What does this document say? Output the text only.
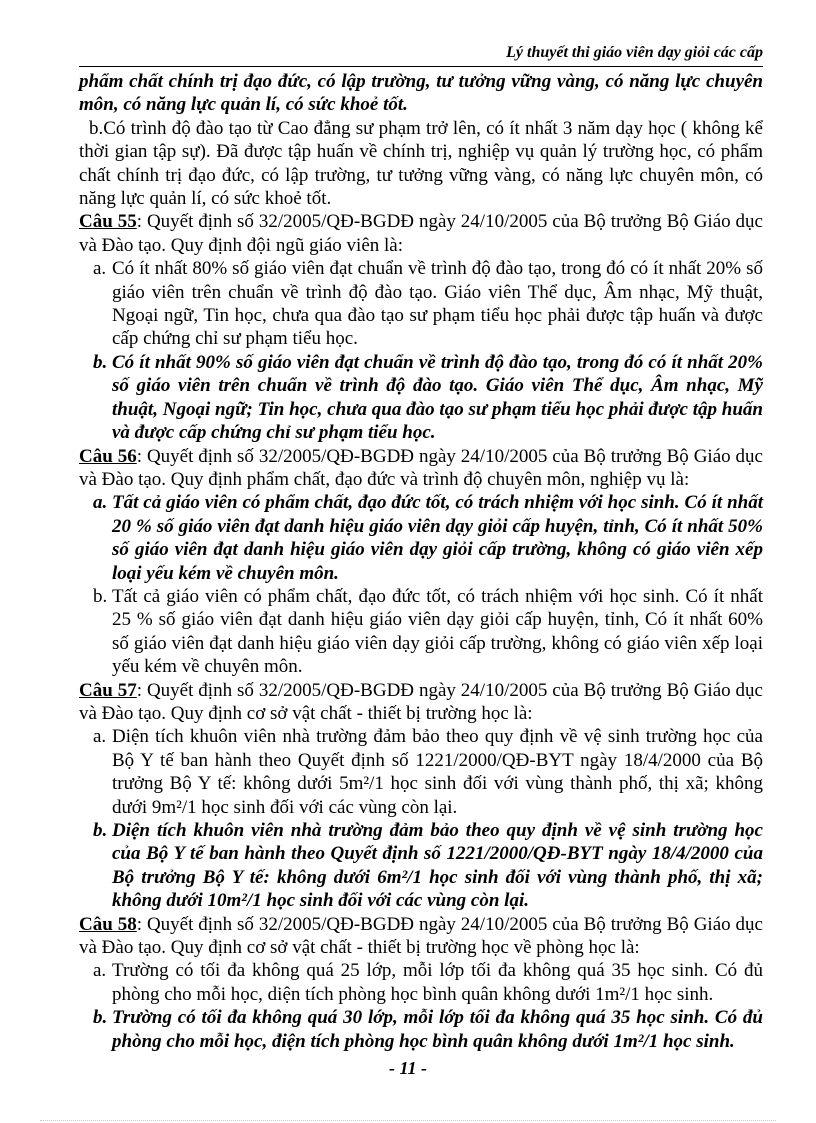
Lý thuyết thi giáo viên dạy giỏi các cấp

phẩm chất chính trị đạo đức, có lập trường, tư tưởng vững vàng, có năng lực chuyên môn, có năng lực quản lí, có sức khoẻ tốt.

b.Có trình độ đào tạo từ Cao đẳng sư phạm trở lên, có ít nhất 3 năm dạy học ( không kể thời gian tập sự). Đã được tập huấn về chính trị, nghiệp vụ quản lý trường học, có phẩm chất chính trị đạo đức, có lập trường, tư tưởng vững vàng, có năng lực chuyên môn, có năng lực quản lí, có sức khoẻ tốt.

Câu 55: Quyết định số 32/2005/QĐ-BGDĐ ngày 24/10/2005 của Bộ trưởng Bộ Giáo dục và Đào tạo. Quy định đội ngũ giáo viên là:

a. Có ít nhất 80% số giáo viên đạt chuẩn về trình độ đào tạo, trong đó có ít nhất 20% số giáo viên trên chuẩn về trình độ đào tạo. Giáo viên Thể dục, Âm nhạc, Mỹ thuật, Ngoại ngữ, Tin học, chưa qua đào tạo sư phạm tiểu học phải được tập huấn và được cấp chứng chỉ sư phạm tiểu học.
b. Có ít nhất 90% số giáo viên đạt chuẩn về trình độ đào tạo, trong đó có ít nhất 20% số giáo viên trên chuẩn về trình độ đào tạo. Giáo viên Thể dục, Âm nhạc, Mỹ thuật, Ngoại ngữ; Tin học, chưa qua đào tạo sư phạm tiểu học phải được tập huấn và được cấp chứng chỉ sư phạm tiểu học.

Câu 56: Quyết định số 32/2005/QĐ-BGDĐ ngày 24/10/2005 của Bộ trưởng Bộ Giáo dục và Đào tạo. Quy định phẩm chất, đạo đức và trình độ chuyên môn, nghiệp vụ là:

a. Tất cả giáo viên có phẩm chất, đạo đức tốt, có trách nhiệm với học sinh. Có ít nhất 20 % số giáo viên đạt danh hiệu giáo viên dạy giỏi cấp huyện, tỉnh, Có ít nhất 50% số giáo viên đạt danh hiệu giáo viên dạy giỏi cấp trường, không có giáo viên xếp loại yếu kém về chuyên môn.
b. Tất cả giáo viên có phẩm chất, đạo đức tốt, có trách nhiệm với học sinh. Có ít nhất 25 % số giáo viên đạt danh hiệu giáo viên dạy giỏi cấp huyện, tỉnh, Có ít nhất 60% số giáo viên đạt danh hiệu giáo viên dạy giỏi cấp trường, không có giáo viên xếp loại yếu kém về chuyên môn.

Câu 57: Quyết định số 32/2005/QĐ-BGDĐ ngày 24/10/2005 của Bộ trưởng Bộ Giáo dục và Đào tạo. Quy định cơ sở vật chất - thiết bị trường học là:

a. Diện tích khuôn viên nhà trường đảm bảo theo quy định về vệ sinh trường học của Bộ Y tế ban hành theo Quyết định số 1221/2000/QĐ-BYT ngày 18/4/2000 của Bộ trưởng Bộ Y tế: không dưới 5m²/1 học sinh đối với vùng thành phố, thị xã; không dưới 9m²/1 học sinh đối với các vùng còn lại.
b. Diện tích khuôn viên nhà trường đảm bảo theo quy định về vệ sinh trường học của Bộ Y tế ban hành theo Quyết định số 1221/2000/QĐ-BYT ngày 18/4/2000 của Bộ trưởng Bộ Y tế: không dưới 6m²/1 học sinh đối với vùng thành phố, thị xã; không dưới 10m²/1 học sinh đối với các vùng còn lại.

Câu 58: Quyết định số 32/2005/QĐ-BGDĐ ngày 24/10/2005 của Bộ trưởng Bộ Giáo dục và Đào tạo. Quy định cơ sở vật chất - thiết bị trường học về phòng học là:

a. Trường có tối đa không quá 25 lớp, mỗi lớp tối đa không quá 35 học sinh. Có đủ phòng cho mỗi học, diện tích phòng học bình quân không dưới 1m²/1 học sinh.
b. Trường có tối đa không quá 30 lớp, mỗi lớp tối đa không quá 35 học sinh. Có đủ phòng cho mỗi học, điện tích phòng học bình quân không dưới 1m²/1 học sinh.
- 11 -
